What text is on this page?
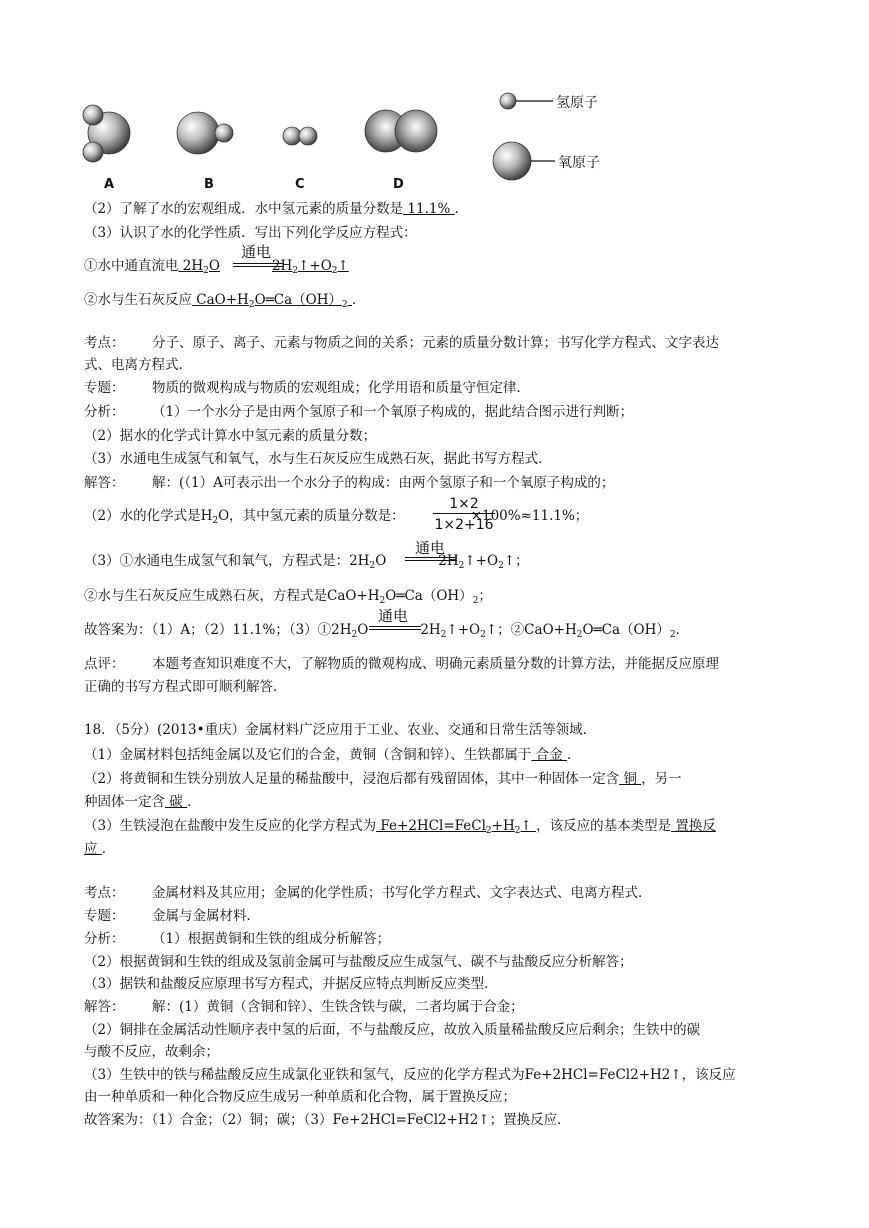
A	B	C	D
氢原子
氧原子
（2）了解了水的宏观组成．水中氢元素的质量分数是 11.1% ．
（3）认识了水的化学性质．写出下列化学反应方程式：
①水中通直流电 $2H_2O$	$2H_2↑+O_2↑$
通电
②水与生石灰反应 $CaO+H_2O═Ca(OH)_2$ ．
考点： 分子、原子、离子、元素与物质之间的关系；元素的质量分数计算；书写化学方程式、文字表达
式、电离方程式．
专题： 物质的微观构成与物质的宏观组成；化学用语和质量守恒定律．
分析： （1）一个水分子是由两个氢原子和一个氧原子构成的，据此结合图示进行判断；
（2）据水的化学式计算水中氢元素的质量分数；
（3）水通电生成氢气和氧气，水与生石灰反应生成熟石灰，据此书写方程式．
解答： 解：(（1）A可表示出一个水分子的构成：由两个氢原子和一个氧原子构成的；
（2）水的化学式是$H_2O$，其中氢元素的质量分数是：	×100%≈11.1%；
1×2
1×2+16
（3）①水通电生成氢气和氧气，方程式是：$2H_2O$	$2H_2↑+O_2↑$；
通电
②水与生石灰反应生成熟石灰，方程式是$CaO+H_2O═Ca(OH)_2$；
故答案为：（1）A；（2）11.1%；$(3)①2H_2O$	$2H_2↑+O_2↑$；$②CaO+H_2O═Ca(OH)_2$．
通电
点评： 本题考查知识难度不大，了解物质的微观构成、明确元素质量分数的计算方法，并能据反应原理
正确的书写方程式即可顺利解答．
18．（5分）(2013•重庆）金属材料广泛应用于工业、农业、交通和日常生活等领域．
（1）金属材料包括纯金属以及它们的合金，黄铜（含铜和锌）、生铁都属于 合金 ．
（2）将黄铜和生铁分别放人足量的稀盐酸中，浸泡后都有残留固体，其中一种固体一定含 铜 ，另一
种固体一定含 碳 ．
（3）生铁浸泡在盐酸中发生反应的化学方程式为 $Fe+2HCl=FeCl_2+H_2↑$ ，该反应的基本类型是 置换反
应 ．
考点： 金属材料及其应用；金属的化学性质；书写化学方程式、文字表达式、电离方程式．
专题： 金属与金属材料．
分析： （1）根据黄铜和生铁的组成分析解答；
（2）根据黄铜和生铁的组成及氢前金属可与盐酸反应生成氢气、碳不与盐酸反应分析解答；
（3）据铁和盐酸反应原理书写方程式，并据反应特点判断反应类型．
解答： 解：(1）黄铜（含铜和锌）、生铁含铁与碳，二者均属于合金；
（2）铜排在金属活动性顺序表中氢的后面，不与盐酸反应，故放入质量稀盐酸反应后剩余；生铁中的碳
与酸不反应，故剩余；
（3）生铁中的铁与稀盐酸反应生成氯化亚铁和氢气，反应的化学方程式为Fe+2HCl=FeCl2+H2↑，该反应
由一种单质和一种化合物反应生成另一种单质和化合物，属于置换反应；
故答案为：（1）合金；（2）铜；碳；（3）Fe+2HCl=FeCl2+H2↑；置换反应．
